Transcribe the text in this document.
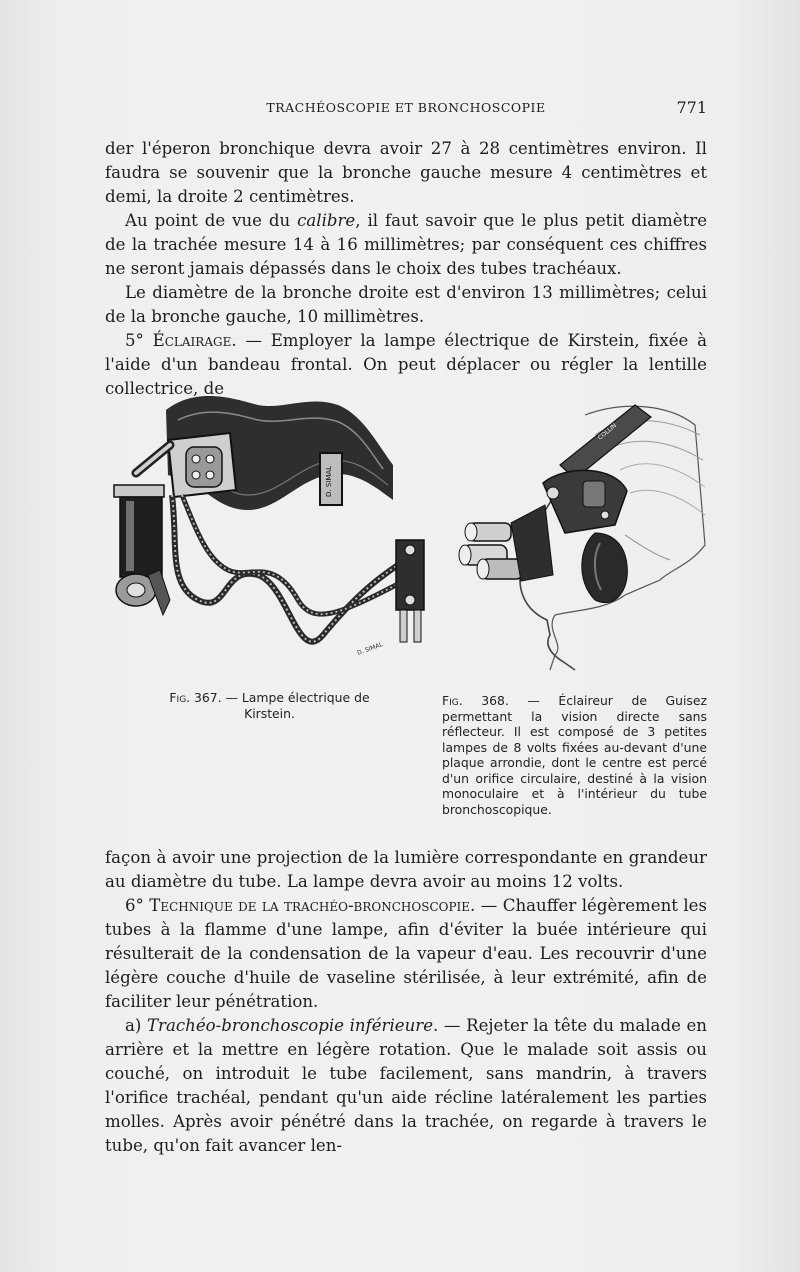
TRACHÉOSCOPIE ET BRONCHOSCOPIE	771

der l'éperon bronchique devra avoir 27 à 28 centimètres environ. Il faudra se souvenir que la bronche gauche mesure 4 centimètres et demi, la droite 2 centimètres.

Au point de vue du calibre, il faut savoir que le plus petit diamètre de la trachée mesure 14 à 16 millimètres; par conséquent ces chiffres ne seront jamais dépassés dans le choix des tubes trachéaux.

Le diamètre de la bronche droite est d'environ 13 millimètres; celui de la bronche gauche, 10 millimètres.

5° Éclairage. — Employer la lampe électrique de Kirstein, fixée à l'aide d'un bandeau frontal. On peut déplacer ou régler la lentille collectrice, de

D. SIMAL
D. SIMAL
COLLIN
Fig. 367. — Lampe électrique de Kirstein.
Fig. 368. — Éclaireur de Guisez permettant la vision directe sans réflecteur. Il est composé de 3 petites lampes de 8 volts fixées au-devant d'une plaque arrondie, dont le centre est percé d'un orifice circulaire, destiné à la vision monoculaire et à l'intérieur du tube bronchoscopique.

façon à avoir une projection de la lumière correspondante en grandeur au diamètre du tube. La lampe devra avoir au moins 12 volts.

6° Technique de la trachéo-bronchoscopie. — Chauffer légèrement les tubes à la flamme d'une lampe, afin d'éviter la buée intérieure qui résulterait de la condensation de la vapeur d'eau. Les recouvrir d'une légère couche d'huile de vaseline stérilisée, à leur extrémité, afin de faciliter leur pénétration.

a) Trachéo-bronchoscopie inférieure. — Rejeter la tête du malade en arrière et la mettre en légère rotation. Que le malade soit assis ou couché, on introduit le tube facilement, sans mandrin, à travers l'orifice trachéal, pendant qu'un aide récline latéralement les parties molles. Après avoir pénétré dans la trachée, on regarde à travers le tube, qu'on fait avancer len-
